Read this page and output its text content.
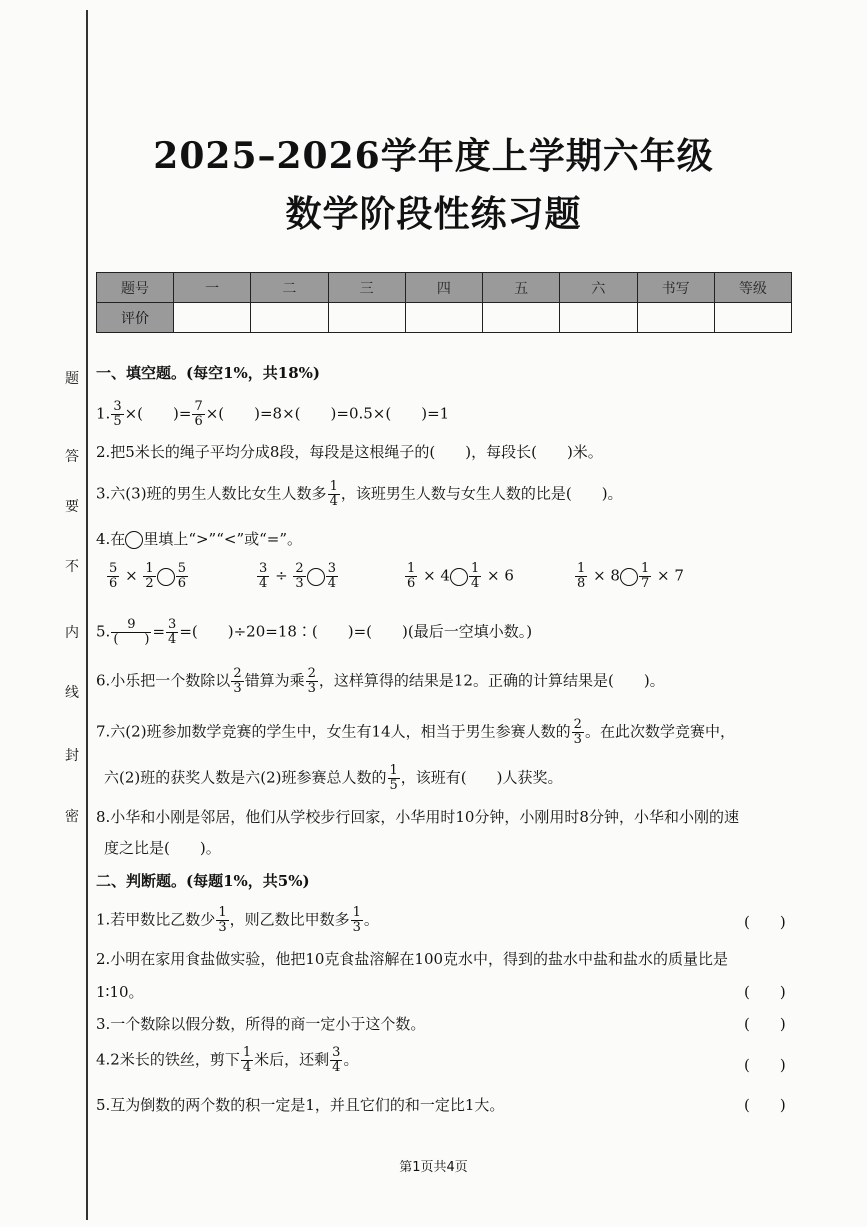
题
答
要
不
内
线
封
密
2025–2026学年度上学期六年级
数学阶段性练习题
题号	一	二	三	四	五	六	书写	等级
评价								
一、填空题。(每空1%，共18%)
1. $\frac{3}{5}$ ×(　　)= $\frac{7}{6}$ ×(　　)=8×(　　)=0.5×(　　)=1
2.把5米长的绳子平均分成8段，每段是这根绳子的(　　)，每段长(　　)米。
3.六(3)班的男生人数比女生人数多 $\frac{1}{4}$ ，该班男生人数与女生人数的比是(　　)。
4.在 里填上“>”“<”或“=”。
$\frac{5}{6} \times \frac{1}{2} \frac{5}{6}$	$\frac{3}{4} \div \frac{2}{3} \frac{3}{4}$	$\frac{1}{6} \times 4 \frac{1}{4} \times 6$	$\frac{1}{8} \times 8 \frac{1}{7} \times 7$
5. $\frac{9}{( )} = \frac{3}{4}$ =(　　)÷20=18∶(　　)=(　　)(最后一空填小数。)
6.小乐把一个数除以 $\frac{2}{3}$ 错算为乘 $\frac{2}{3}$ ，这样算得的结果是12。正确的计算结果是(　　)。
7.六(2)班参加数学竞赛的学生中，女生有14人，相当于男生参赛人数的 $\frac{2}{3}$ 。在此次数学竞赛中，
六(2)班的获奖人数是六(2)班参赛总人数的 $\frac{1}{5}$ ，该班有(　　)人获奖。
8.小华和小刚是邻居，他们从学校步行回家，小华用时10分钟，小刚用时8分钟，小华和小刚的速
度之比是(　　)。
二、判断题。(每题1%，共5%)
1.若甲数比乙数少 $\frac{1}{3}$ ，则乙数比甲数多 $\frac{1}{3}$ 。	(　　)
2.小明在家用食盐做实验，他把10克食盐溶解在100克水中，得到的盐水中盐和盐水的质量比是
1∶10。	(　　)
3.一个数除以假分数，所得的商一定小于这个数。	(　　)
4.2米长的铁丝，剪下 $\frac{1}{4}$ 米后，还剩 $\frac{3}{4}$ 。	(　　)
5.互为倒数的两个数的积一定是1，并且它们的和一定比1大。	(　　)
第1页共4页
